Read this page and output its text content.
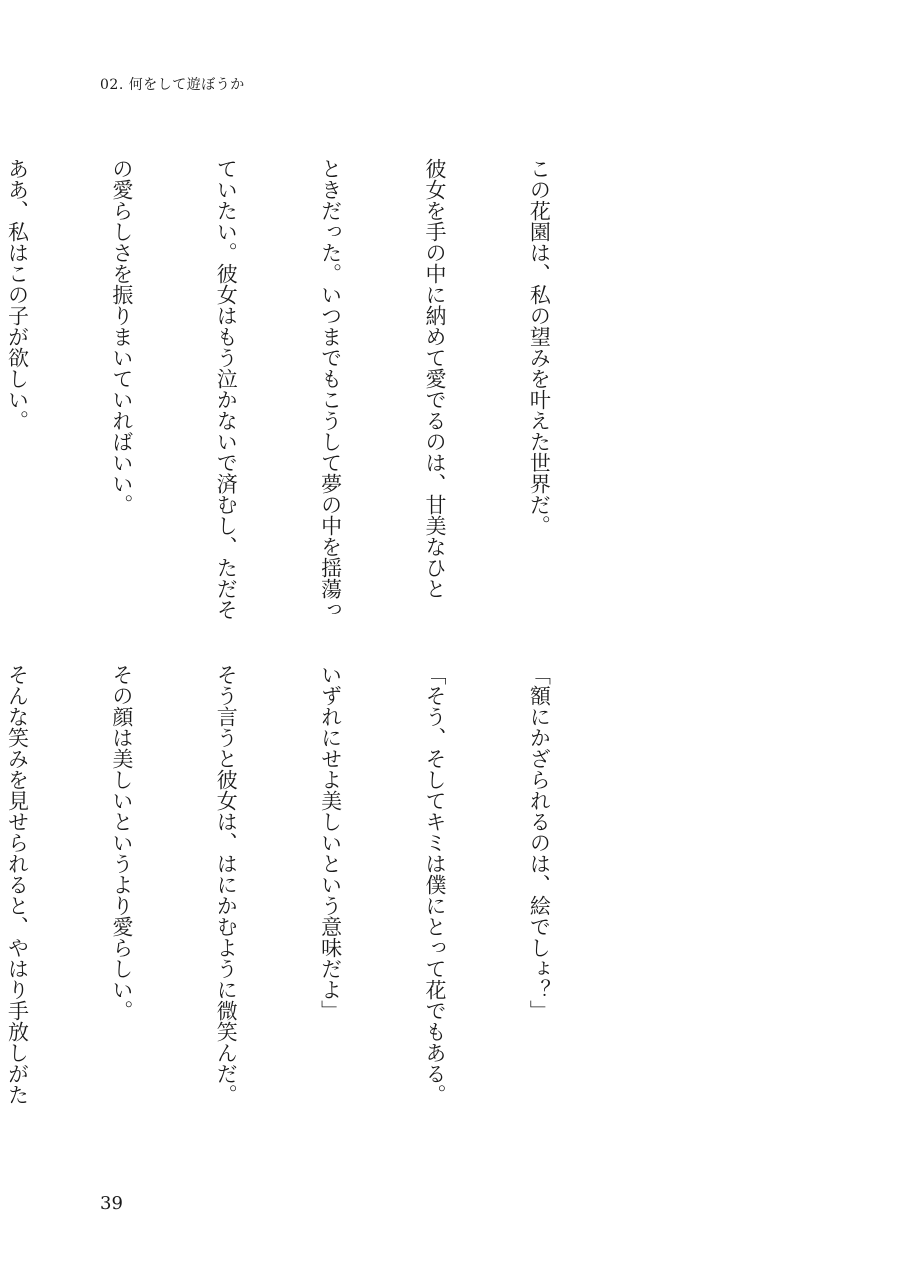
02. 何をして遊ぼうか

この花園は、私の望みを叶えた世界だ。

彼女を手の中に納めて愛でるのは、甘美なひと

ときだった。いつまでもこうして夢の中を揺蕩っ

ていたい。彼女はもう泣かないで済むし、ただそ

の愛らしさを振りまいていればいい。

ああ、私はこの子が欲しい。

「額にかざられるのは、絵でしょ？」

「そう、そしてキミは僕にとって花でもある。

いずれにせよ美しいという意味だよ」

そう言うと彼女は、はにかむように微笑んだ。

その顔は美しいというより愛らしい。

そんな笑みを見せられると、やはり手放しがた

39
